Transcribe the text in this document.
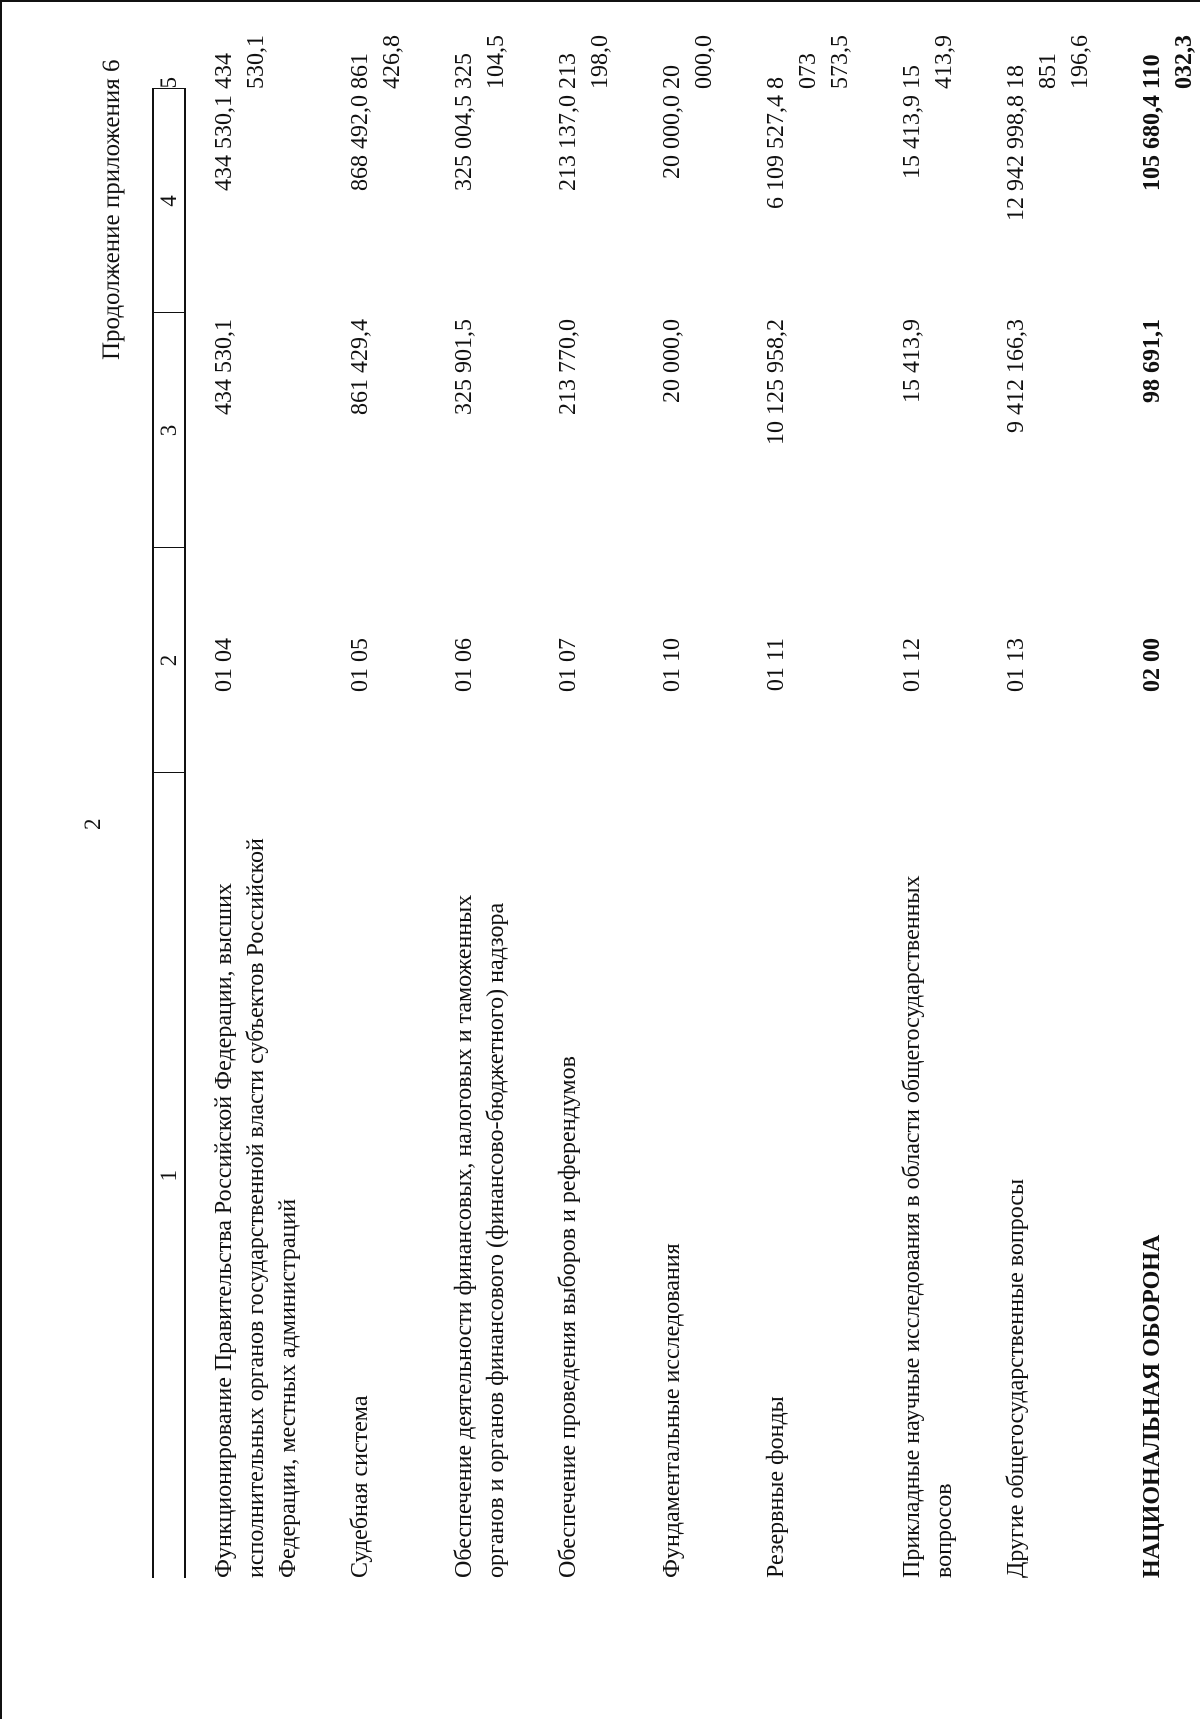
2
Продолжение приложения 6
1	2	3	4	5
Функционирование Правительства Российской Федерации, высших исполнительных органов государственной власти субъектов Российской Федерации, местных администраций	01 04	434 530,1	434 530,1	434 530,1
Судебная система	01 05	861 429,4	868 492,0	861 426,8
Обеспечение деятельности финансовых, налоговых и таможенных органов и органов финансового (финансово-бюджетного) надзора	01 06	325 901,5	325 004,5	325 104,5
Обеспечение проведения выборов и референдумов	01 07	213 770,0	213 137,0	213 198,0
Фундаментальные исследования	01 10	20 000,0	20 000,0	20 000,0
Резервные фонды	01 11	10 125 958,2	6 109 527,4	8 073 573,5
Прикладные научные исследования в области общегосударственных вопросов	01 12	15 413,9	15 413,9	15 413,9
Другие общегосударственные вопросы	01 13	9 412 166,3	12 942 998,8	18 851 196,6
НАЦИОНАЛЬНАЯ ОБОРОНА	02 00	98 691,1	105 680,4	110 032,3
